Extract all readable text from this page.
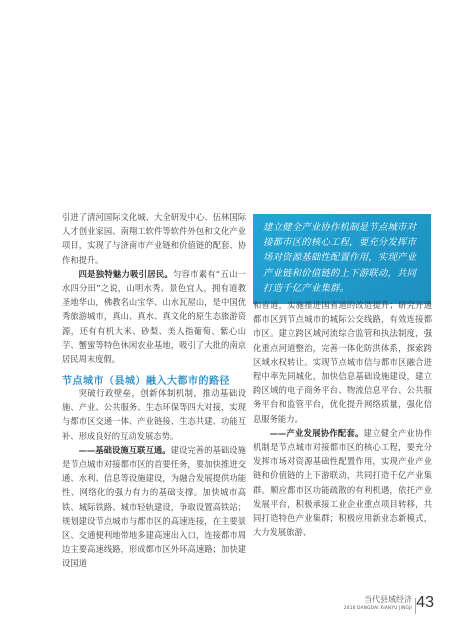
引进了清河国际文化城、大全研发中心、伍林国际人才创业家园、南翔工软件等软件外包和文化产业项目，实现了与济南市产业链和价值链的配套、协作和提升。

四是独特魅力吸引居民。匀容市素有“五山一水四分田”之说，山明水秀、景色宜人，拥有道教圣地华山，佛教名山宝华、山水瓦屋山，是中国优秀旅游城市，真山、真水、真文化的原生态旅游资源，还有有机大米、砂梨、美人指葡萄、紫心山芋、蟹蜜等特色休闲农业基地，吸引了大批的南京居民周末度假。

节点城市（县城）融入大都市的路径

突破行政壁垒，创新体制机制，推动基础设施、产业、公共服务、生态环保等四大对接，实现与都市区交通一体、产业链接、生态共建、功能互补、形成良好的互动发展态势。

——基础设施互联互通。建设完善的基础设施是节点城市对接都市区的首要任务，要加快推进交通、水利、信息等设施建设，为融合发展提供功能性、网络化的强力有力的基础支撑。加快城市高铁、城际铁路、城市轻轨建设，争取设置高铁站；规划建设节点城市与都市区的高速连接，在主要景区、交通便利地带地多建高速出入口，连接都市周边主要高速线路，形成都市区外环高速路；加快建设国道

建立健全产业协作机制是节点城市对接都市区的核心工程，要充分发挥市场对资源基础性配置作用，实现产业产业链和价值链的上下游联动，共同打造千亿产业集群。

和省道，实施推进国省道的改造提升；研究开通都市区到节点城市的城际公交线路，有效连接都市区。建立跨区域河流综合监管和执法制度，强化重点河道整治，完善一体化防洪体系，探索跨区域水权转让。实现节点城市信与都市区融合进程中率先同城化，加快信息基础设施建设，建立跨区域的电子商务平台、物流信息平台、公共服务平台和监管平台，优化提升网络质量，强化信息服务能力。

——产业发展协作配套。建立健全产业协作机制是节点城市对接都市区的核心工程，要充分发挥市场对资源基础性配置作用，实现产业产业链和价值链的上下游联动，共同打造千亿产业集群。顺应都市区功能疏散的有利机遇，依托产业发展平台，积极承接工业企业重点项目转移，共同打造特色产业集群；积极应用新业态新模式，大力发展旅游、

当代县域经济
2016 DANGDAI XIANYU JINGJI 43
